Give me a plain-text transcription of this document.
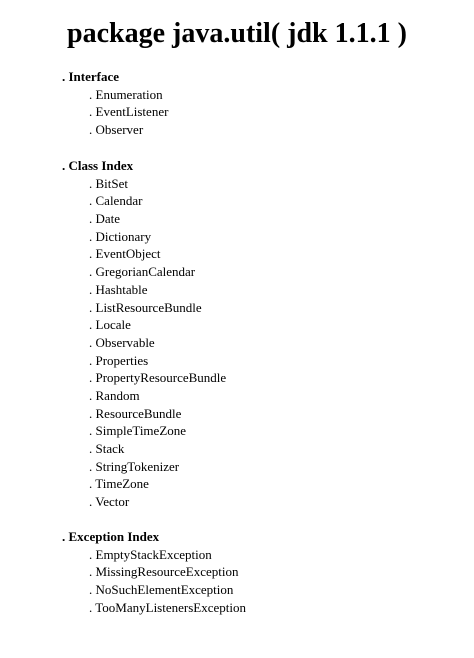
package java.util( jdk 1.1.1 )
. Interface
. Enumeration
. EventListener
. Observer
. Class Index
. BitSet
. Calendar
. Date
. Dictionary
. EventObject
. GregorianCalendar
. Hashtable
. ListResourceBundle
. Locale
. Observable
. Properties
. PropertyResourceBundle
. Random
. ResourceBundle
. SimpleTimeZone
. Stack
. StringTokenizer
. TimeZone
. Vector
. Exception Index
. EmptyStackException
. MissingResourceException
. NoSuchElementException
. TooManyListenersException
